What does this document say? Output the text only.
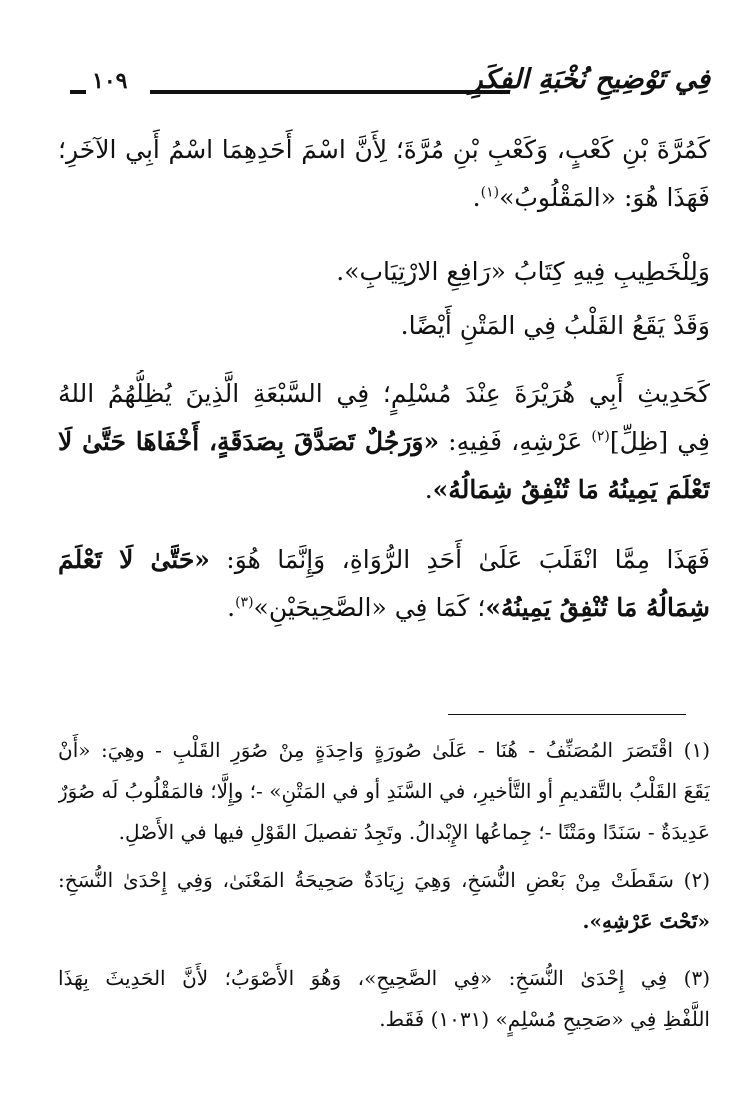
فِي تَوْضِيحِ نُخْبَةِ الفِكَرِ
١٠٩
كَمُرَّةَ بْنِ كَعْبٍ، وَكَعْبِ بْنِ مُرَّةَ؛ لِأَنَّ اسْمَ أَحَدِهِمَا اسْمُ أَبِي الآخَرِ؛
فَهَذَا هُوَ: «المَقْلُوبُ»$^{(١)}$.
وَلِلْخَطِيبِ فِيهِ كِتَابُ «رَافِعِ الارْتِيَابِ».
وَقَدْ يَقَعُ القَلْبُ فِي المَتْنِ أَيْضًا.
كَحَدِيثِ أَبِي هُرَيْرَةَ عِنْدَ مُسْلِمٍ؛ فِي السَّبْعَةِ الَّذِينَ يُظِلُّهُمُ اللهُ
فِي [ظِلِّ]$^{(٢)}$ عَرْشِهِ، فَفِيهِ: «وَرَجُلٌ تَصَدَّقَ بِصَدَقَةٍ، أَخْفَاهَا حَتَّىٰ لَا
تَعْلَمَ يَمِينُهُ مَا تُنْفِقُ شِمَالُهُ».
فَهَذَا مِمَّا انْقَلَبَ عَلَىٰ أَحَدِ الرُّوَاةِ، وَإِنَّمَا هُوَ: «حَتَّىٰ لَا تَعْلَمَ
شِمَالُهُ مَا تُنْفِقُ يَمِينُهُ»؛ كَمَا فِي «الصَّحِيحَيْنِ»$^{(٣)}$.
(١) اقْتَصَرَ المُصَنِّفُ - هُنَا - عَلَىٰ صُورَةٍ وَاحِدَةٍ مِنْ صُوَرِ القَلْبِ - وهِيَ: «أَنْ
يَقَعَ القَلْبُ بالتَّقديمِ أو التَّأخيرِ، في السَّنَدِ أو في المَتْنِ» -؛ وإِلَّا؛ فالمَقْلُوبُ لَه صُوَرٌ
عَدِيدَةٌ - سَنَدًا ومَتْنًا -؛ جِماعُها الإِبْدالُ. وتَجِدُ تفصيلَ القَوْلِ فيها في الأَصْلِ.
(٢) سَقَطَتْ مِنْ بَعْضِ النُّسَخِ، وَهِيَ زِيَادَةٌ صَحِيحَةُ المَعْنَىٰ، وَفِي إِحْدَىٰ النُّسَخِ:
«تَحْتَ عَرْشِهِ».
(٣) فِي إِحْدَىٰ النُّسَخِ: «فِي الصَّحِيحِ»، وَهُوَ الأَصْوَبُ؛ لأَنَّ الحَدِيثَ بِهَذَا
اللَّفْظِ فِي «صَحِيحِ مُسْلِمٍ» (١٠٣١) فَقَط.
